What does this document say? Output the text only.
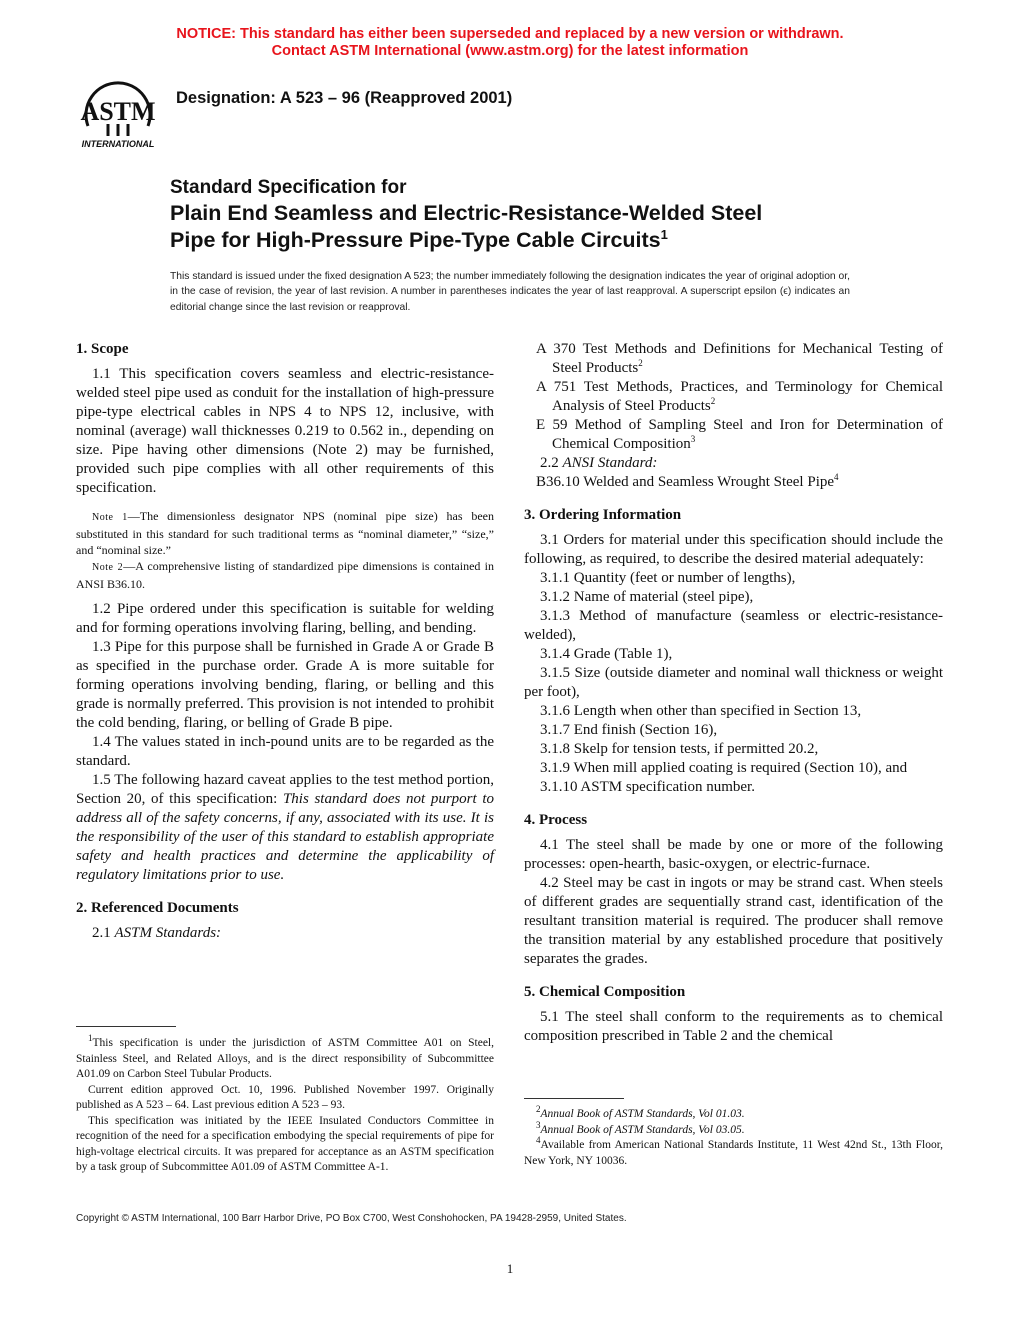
NOTICE: This standard has either been superseded and replaced by a new version or withdrawn.
Contact ASTM International (www.astm.org) for the latest information
ASTM
INTERNATIONAL
Designation: A 523 – 96 (Reapproved 2001)
Standard Specification for
Plain End Seamless and Electric-Resistance-Welded Steel
Pipe for High-Pressure Pipe-Type Cable Circuits$^1$
This standard is issued under the fixed designation A 523; the number immediately following the designation indicates the year of original adoption or, in the case of revision, the year of last revision. A number in parentheses indicates the year of last reapproval. A superscript epsilon (ϵ) indicates an editorial change since the last revision or reapproval.

1. Scope

1.1 This specification covers seamless and electric-resistance-welded steel pipe used as conduit for the installation of high-pressure pipe-type electrical cables in NPS 4 to NPS 12, inclusive, with nominal (average) wall thicknesses 0.219 to 0.562 in., depending on size. Pipe having other dimensions (Note 2) may be furnished, provided such pipe complies with all other requirements of this specification.

Note 1—The dimensionless designator NPS (nominal pipe size) has been substituted in this standard for such traditional terms as “nominal diameter,” “size,” and “nominal size.”

Note 2—A comprehensive listing of standardized pipe dimensions is contained in ANSI B36.10.

1.2 Pipe ordered under this specification is suitable for welding and for forming operations involving flaring, belling, and bending.

1.3 Pipe for this purpose shall be furnished in Grade A or Grade B as specified in the purchase order. Grade A is more suitable for forming operations involving bending, flaring, or belling and this grade is normally preferred. This provision is not intended to prohibit the cold bending, flaring, or belling of Grade B pipe.

1.4 The values stated in inch-pound units are to be regarded as the standard.

1.5 The following hazard caveat applies to the test method portion, Section 20, of this specification: This standard does not purport to address all of the safety concerns, if any, associated with its use. It is the responsibility of the user of this standard to establish appropriate safety and health practices and determine the applicability of regulatory limitations prior to use.

2. Referenced Documents

2.1 ASTM Standards:

$^1$This specification is under the jurisdiction of ASTM Committee A01 on Steel, Stainless Steel, and Related Alloys, and is the direct responsibility of Subcommittee A01.09 on Carbon Steel Tubular Products.

Current edition approved Oct. 10, 1996. Published November 1997. Originally published as A 523 – 64. Last previous edition A 523 – 93.

This specification was initiated by the IEEE Insulated Conductors Committee in recognition of the need for a specification embodying the special requirements of pipe for high-voltage electrical circuits. It was prepared for acceptance as an ASTM specification by a task group of Subcommittee A01.09 of ASTM Committee A-1.

A 370 Test Methods and Definitions for Mechanical Testing of Steel Products$^2$

A 751 Test Methods, Practices, and Terminology for Chemical Analysis of Steel Products$^2$

E 59 Method of Sampling Steel and Iron for Determination of Chemical Composition$^3$

2.2 ANSI Standard:

B36.10 Welded and Seamless Wrought Steel Pipe$^4$

3. Ordering Information

3.1 Orders for material under this specification should include the following, as required, to describe the desired material adequately:

3.1.1 Quantity (feet or number of lengths),

3.1.2 Name of material (steel pipe),

3.1.3 Method of manufacture (seamless or electric-resistance-welded),

3.1.4 Grade (Table 1),

3.1.5 Size (outside diameter and nominal wall thickness or weight per foot),

3.1.6 Length when other than specified in Section 13,

3.1.7 End finish (Section 16),

3.1.8 Skelp for tension tests, if permitted 20.2,

3.1.9 When mill applied coating is required (Section 10), and

3.1.10 ASTM specification number.

4. Process

4.1 The steel shall be made by one or more of the following processes: open-hearth, basic-oxygen, or electric-furnace.

4.2 Steel may be cast in ingots or may be strand cast. When steels of different grades are sequentially strand cast, identification of the resultant transition material is required. The producer shall remove the transition material by any established procedure that positively separates the grades.

5. Chemical Composition

5.1 The steel shall conform to the requirements as to chemical composition prescribed in Table 2 and the chemical

$^2$Annual Book of ASTM Standards, Vol 01.03.

$^3$Annual Book of ASTM Standards, Vol 03.05.

$^4$Available from American National Standards Institute, 11 West 42nd St., 13th Floor, New York, NY 10036.

Copyright © ASTM International, 100 Barr Harbor Drive, PO Box C700, West Conshohocken, PA 19428-2959, United States.
1
